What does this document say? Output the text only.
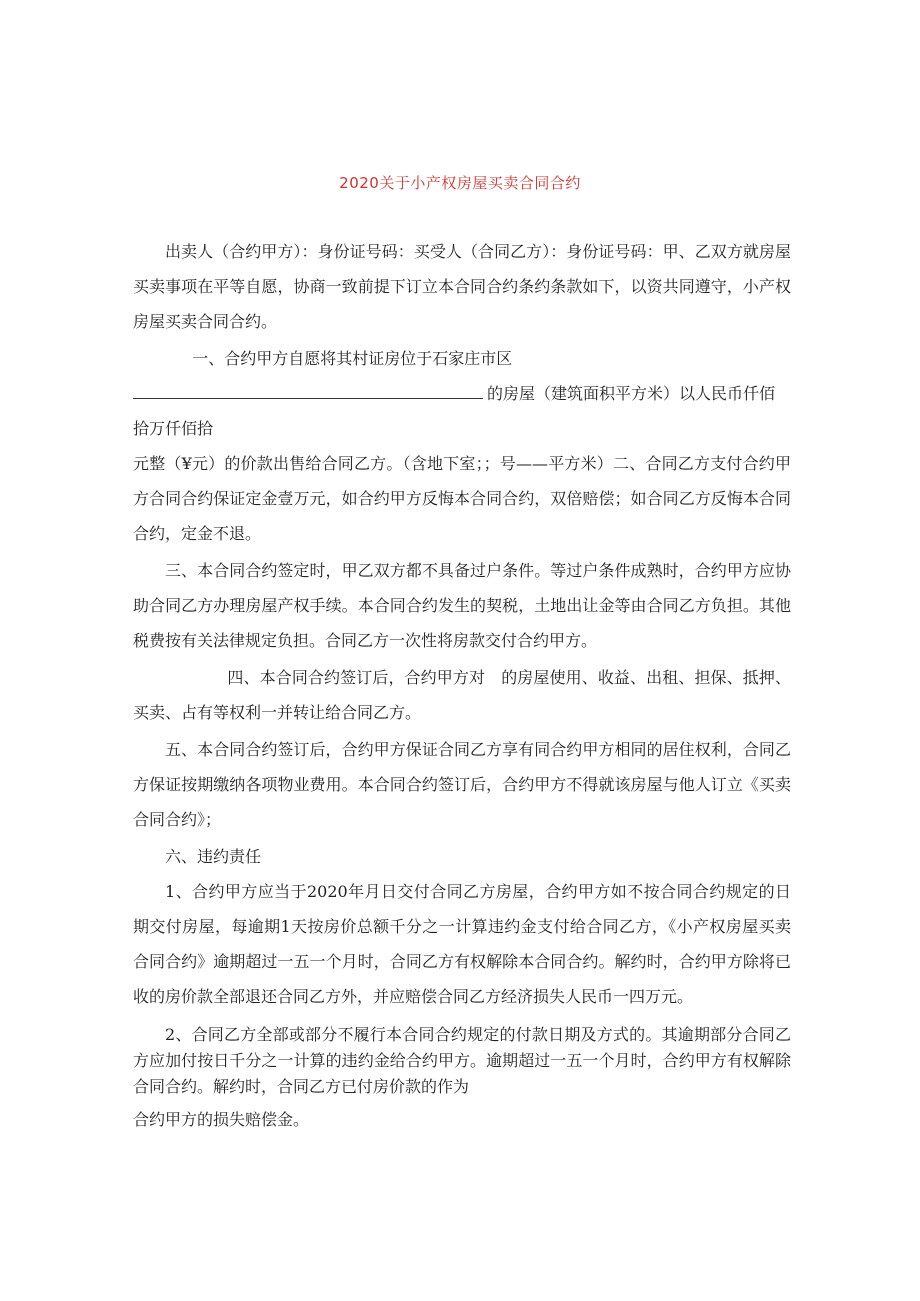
2020关于小产权房屋买卖合同合约

出卖人（合约甲方）：身份证号码：买受人（合同乙方）：身份证号码：甲、乙双方就房屋买卖事项在平等自愿，协商一致前提下订立本合同合约条约条款如下，以资共同遵守，小产权房屋买卖合同合约。

一、合约甲方自愿将其村证房位于石家庄市区

的房屋（建筑面积平方米）以人民币仟佰

拾万仟佰拾

元整（¥元）的价款出售给合同乙方。（含地下室；；号——平方米）二、合同乙方支付合约甲方合同合约保证定金壹万元，如合约甲方反悔本合同合约，双倍赔偿；如合同乙方反悔本合同合约，定金不退。

三、本合同合约签定时，甲乙双方都不具备过户条件。等过户条件成熟时，合约甲方应协助合同乙方办理房屋产权手续。本合同合约发生的契税，土地出让金等由合同乙方负担。其他税费按有关法律规定负担。合同乙方一次性将房款交付合约甲方。

四、本合同合约签订后，合约甲方对　的房屋使用、收益、出租、担保、抵押、买卖、占有等权利一并转让给合同乙方。

五、本合同合约签订后，合约甲方保证合同乙方享有同合约甲方相同的居住权利，合同乙方保证按期缴纳各项物业费用。本合同合约签订后，合约甲方不得就该房屋与他人订立《买卖合同合约》；

六、违约责任

1、合约甲方应当于2020年月日交付合同乙方房屋，合约甲方如不按合同合约规定的日期交付房屋，每逾期1天按房价总额千分之一计算违约金支付给合同乙方，《小产权房屋买卖合同合约》逾期超过一五一个月时，合同乙方有权解除本合同合约。解约时，合约甲方除将已收的房价款全部退还合同乙方外，并应赔偿合同乙方经济损失人民币一四万元。

2、合同乙方全部或部分不履行本合同合约规定的付款日期及方式的。其逾期部分合同乙方应加付按日千分之一计算的违约金给合约甲方。逾期超过一五一个月时，合约甲方有权解除合同合约。解约时，合同乙方已付房价款的作为

合约甲方的损失赔偿金。
